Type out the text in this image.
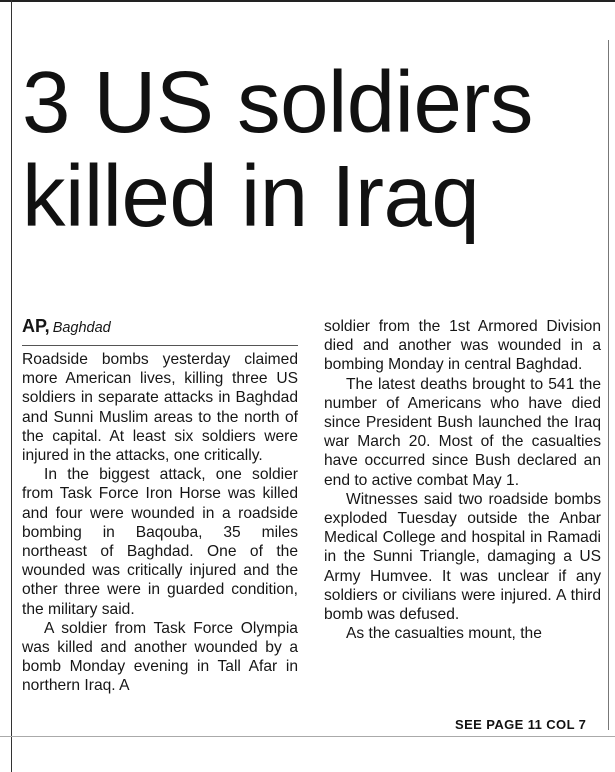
3 US soldiers
killed in Iraq
AP, Baghdad

Roadside bombs yesterday claimed more American lives, killing three US soldiers in separate attacks in Baghdad and Sunni Muslim areas to the north of the capital. At least six soldiers were injured in the attacks, one critically.

In the biggest attack, one soldier from Task Force Iron Horse was killed and four were wounded in a roadside bombing in Baqouba, 35 miles northeast of Baghdad. One of the wounded was critically injured and the other three were in guarded condition, the military said.

A soldier from Task Force Olympia was killed and another wounded by a bomb Monday evening in Tall Afar in northern Iraq. A

soldier from the 1st Armored Division died and another was wounded in a bombing Monday in central Baghdad.

The latest deaths brought to 541 the number of Americans who have died since President Bush launched the Iraq war March 20. Most of the casualties have occurred since Bush declared an end to active combat May 1.

Witnesses said two roadside bombs exploded Tuesday outside the Anbar Medical College and hospital in Ramadi in the Sunni Triangle, damaging a US Army Humvee. It was unclear if any soldiers or civilians were injured. A third bomb was defused.

As the casualties mount, the

SEE PAGE 11 COL 7
